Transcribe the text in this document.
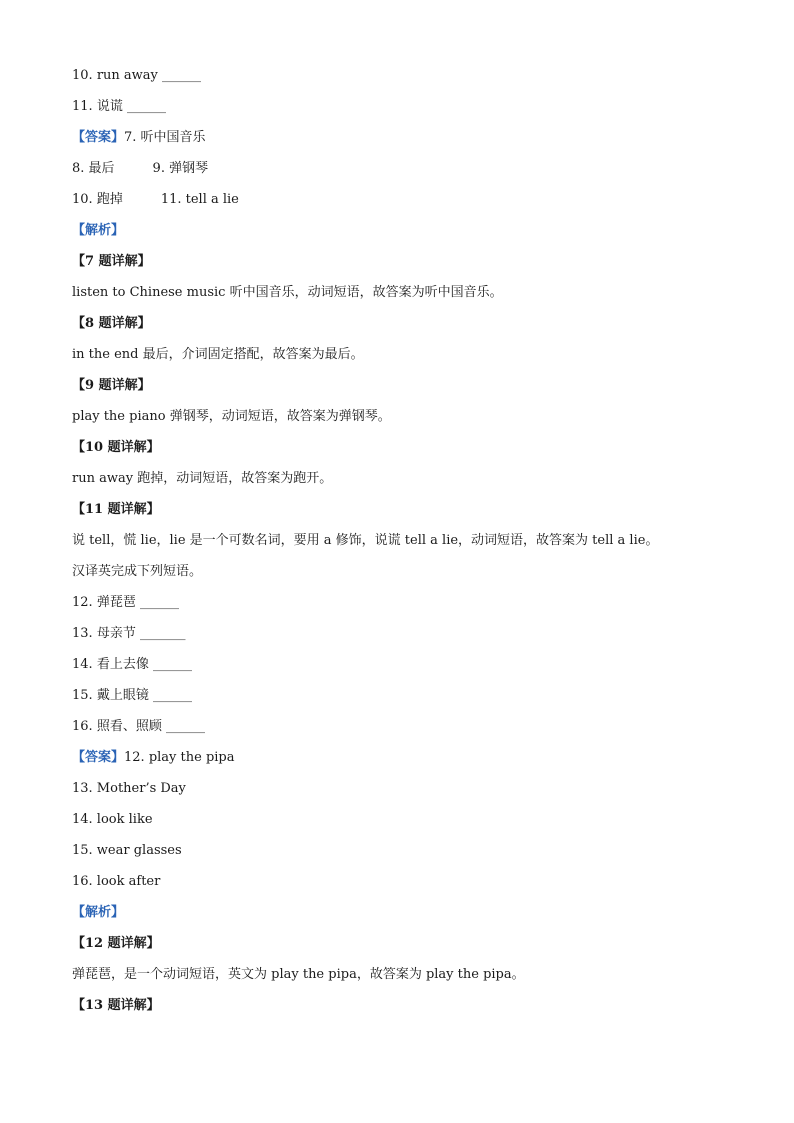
10. run away ______
11. 说谎 ______
【答案】7. 听中国音乐
8. 最后	9. 弹钢琴
10. 跑掉	11. tell a lie
【解析】
【7 题详解】
listen to Chinese music 听中国音乐，动词短语，故答案为听中国音乐。
【8 题详解】
in the end 最后，介词固定搭配，故答案为最后。
【9 题详解】
play the piano 弹钢琴，动词短语，故答案为弹钢琴。
【10 题详解】
run away 跑掉，动词短语，故答案为跑开。
【11 题详解】
说 tell，慌 lie，lie 是一个可数名词，要用 a 修饰，说谎 tell a lie，动词短语，故答案为 tell a lie。
汉译英完成下列短语。
12. 弹琵琶 ______
13. 母亲节 _______
14. 看上去像 ______
15. 戴上眼镜 ______
16. 照看、照顾 ______
【答案】12. play the pipa
13. Mother’s Day
14. look like
15. wear glasses
16. look after
【解析】
【12 题详解】
弹琵琶，是一个动词短语，英文为 play the pipa，故答案为 play the pipa。
【13 题详解】
